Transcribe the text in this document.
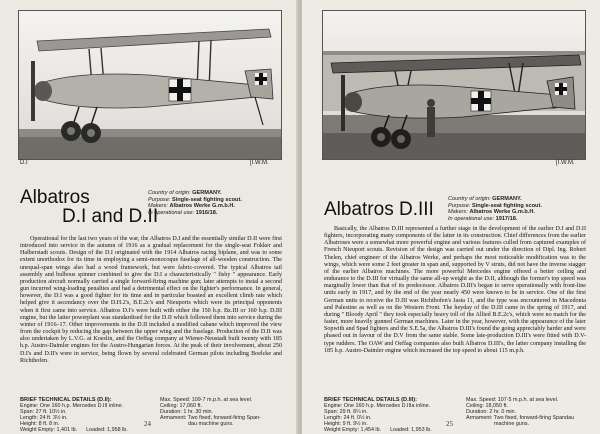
D.I	[I.W.M.
Albatros
D.I and D.II
Country of origin: GERMANY.
Purpose: Single-seat fighting scout.
Makers: Albatros Werke G.m.b.H.
In operational use: 1916/18.

Operational for the last two years of the war, the Albatros D.I and the essentially similar D.II were first introduced into service in the autumn of 1916 as a gradual replacement for the single-seat Fokker and Halberstadt scouts. Design of the D.I originated with the 1914 Albatros racing biplane, and was to some extent unorthodox for its time in employing a semi-monocoque fuselage of all-wooden construction. The unequal-span wings also had a wood framework, but were fabric-covered. The typical Albatros tail assembly and bulbous spinner combined to give the D.I a characteristically " fishy " appearance. Early production aircraft normally carried a single forward-firing machine gun; later attempts to instal a second gun incurred wing-loading penalties and had a detrimental effect on the fighter's performance. In general, however, the D.I was a good fighter for its time and in particular boasted an excellent climb rate which helped give it ascendancy over the D.H.2's, B.E.2c's and Nieuports which were its principal opponents when it first came into service. Albatros D.I's were built with either the 150 h.p. Bz.III or 160 h.p. D.III engine, but the latter powerplant was standardised for the D.II which followed them into service during the winter of 1916–17. Other improvements in the D.II included a modified cabane which improved the view from the cockpit by reducing the gap between the upper wing and the fuselage. Production of the D.II was also undertaken by L.V.G. at Koeslin, and the Oeffag company at Wiener-Neustadt built twenty with 185 h.p. Austro-Daimler engines for the Austro-Hungarian forces. At the peak of their involvement, about 250 D.I's and D.II's were in service, being flown by several celebrated German pilots including Boelcke and Richthofen.

BRIEF TECHNICAL DETAILS (D.II):
Engine: One 160 h.p. Mercedes D.III inline.
Span: 27 ft. 10½ in.
Length: 24 ft. 3½ in.
Height: 8 ft. 8 in.
Weight Empty: 1,401 lb. Loaded: 1,958 lb.
Max. Speed: 109·7 m.p.h. at sea level.
Ceiling: 17,060 ft.
Duration: 1 hr. 30 min.
Armament: Two fixed, forward-firing Span-
dau machine guns.
24
[I.W.M.
Albatros D.III	Country of origin: GERMANY.
Purpose: Single-seat fighting scout.
Makers: Albatros Werke G.m.b.H.
In operational use: 1917/18.

Basically, the Albatros D.III represented a further stage in the development of the earlier D.I and D.II fighters, incorporating many components of the latter in its construction. Chief differences from the earlier Albatroses were a somewhat more powerful engine and various features culled from captured examples of French Nieuport scouts. Revision of the design was carried out under the direction of Dipl. Ing. Robert Thelen, chief engineer of the Albatros Werke, and perhaps the most noticeable modification was to the wings, which were some 2 feet greater in span and, supported by V struts, did not have the inverse stagger of the earlier Albatros machines. The more powerful Mercedes engine offered a better ceiling and endurance to the D.III for virtually the same all-up weight as the D.II, although the former's top speed was marginally lower than that of its predecessor. Albatros D.III's began to serve operationally with front-line units early in 1917, and by the end of the year nearly 450 were known to be in service. One of the first German units to receive the D.III was Richthofen's Jasta 11, and the type was encountered in Macedonia and Palestine as well as on the Western Front. The heyday of the D.III came in the spring of 1917, and during " Bloody April " they took especially heavy toll of the Allied B.E.2c's, which were no match for the faster, more heavily gunned German machines. Later in the year, however, with the appearance of the later Sopwith and Spad fighters and the S.E.5a, the Albatros D.III's found the going appreciably harder and were phased out in favour of the D.V from the same stable. Some late-production D.III's were fitted with D.V-type rudders. The OAW and Oeffag companies also built Albatros D.III's, the latter company installing the 185 h.p. Austro-Daimler engine which increased the top speed to about 115 m.p.h.

BRIEF TECHNICAL DETAILS (D.III):
Engine: One 160 h.p. Mercedes D.IIIa inline.
Span: 29 ft. 8¼ in.
Length: 24 ft. 0½ in.
Height: 9 ft. 9½ in.
Weight Empty: 1,454 lb. Loaded: 1,953 lb.
Max. Speed: 107·5 m.p.h. at sea level.
Ceiling: 18,050 ft.
Duration: 2 hr. 0 min.
Armament: Two fixed, forward-firing Spandau
machine guns.
25
